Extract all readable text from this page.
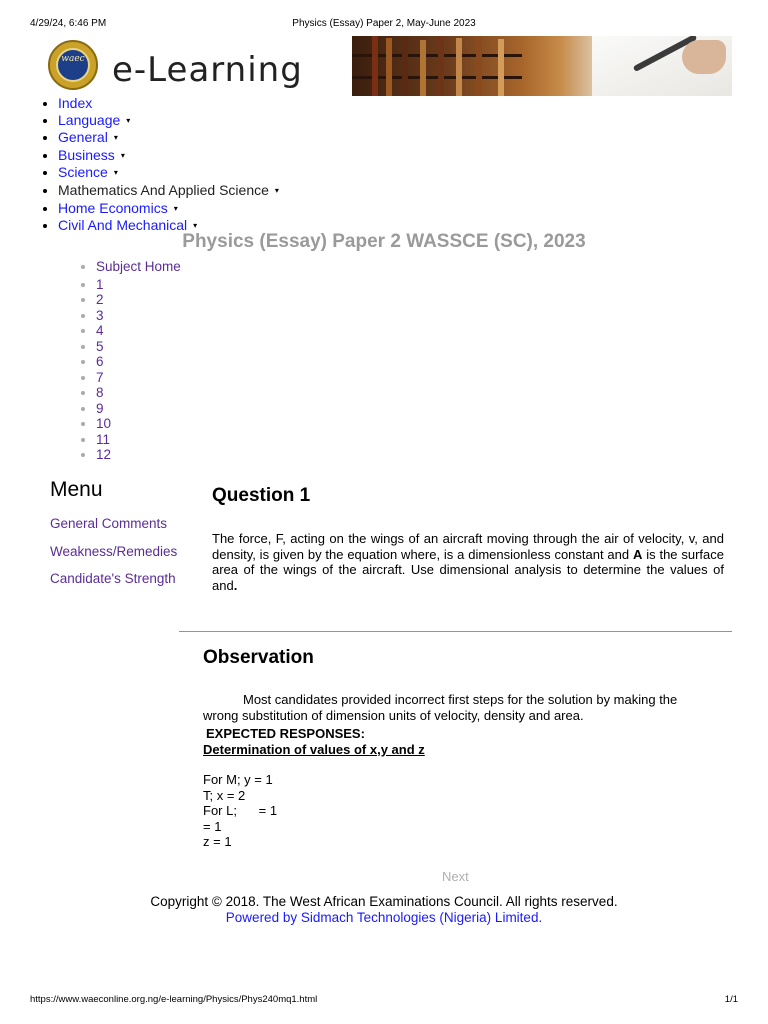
4/29/24, 6:46 PM	Physics (Essay) Paper 2, May-June 2023
waec e-Learning
• Index
• Language ▾
• General ▾
• Business ▾
• Science ▾
• Mathematics And Applied Science ▾
• Home Economics ▾
• Civil And Mechanical ▾
Physics (Essay) Paper 2 WASSCE (SC), 2023
• Subject Home
• 1
• 2
• 3
• 4
• 5
• 6
• 7
• 8
• 9
• 10
• 11
• 12
Menu
General Comments
Weakness/Remedies
Candidate's Strength
Question 1
The force, F, acting on the wings of an aircraft moving through the air of velocity, v, and density, is given by the equation where, is a dimensionless constant and A is the surface area of the wings of the aircraft. Use dimensional analysis to determine the values of and.
Observation
Most candidates provided incorrect first steps for the solution by making the wrong substitution of dimension units of velocity, density and area.
EXPECTED RESPONSES:
Determination of values of x,y and z
For M; y = 1
T; x = 2
For L;      = 1
= 1
z = 1
Next
Copyright © 2018. The West African Examinations Council. All rights reserved.
Powered by Sidmach Technologies (Nigeria) Limited.
https://www.waeconline.org.ng/e-learning/Physics/Phys240mq1.html	1/1
